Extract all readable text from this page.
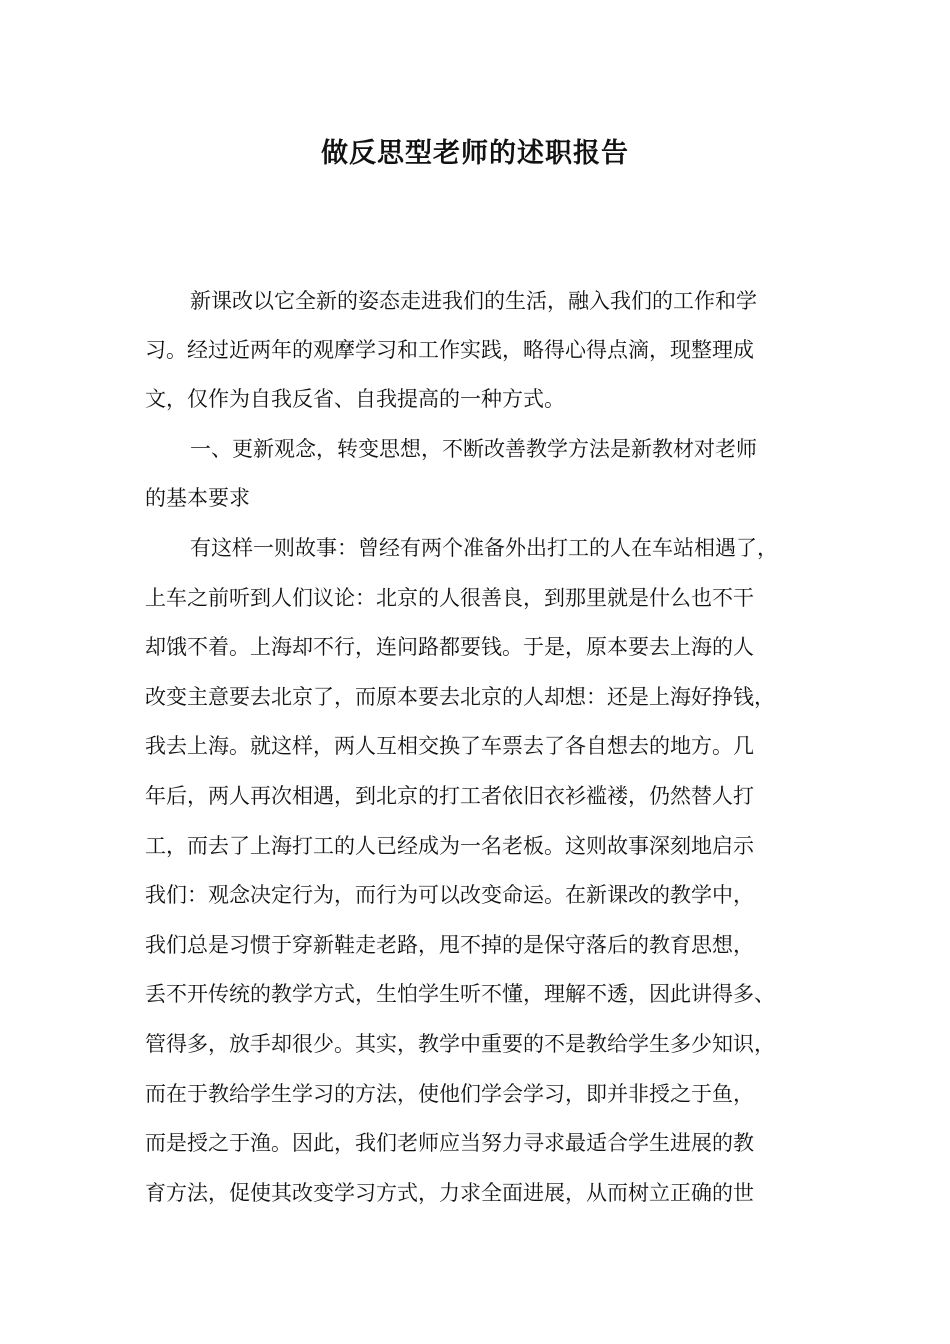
做反思型老师的述职报告

新课改以它全新的姿态走进我们的生活，融入我们的工作和学

习。经过近两年的观摩学习和工作实践，略得心得点滴，现整理成

文，仅作为自我反省、自我提高的一种方式。

一、更新观念，转变思想，不断改善教学方法是新教材对老师

的基本要求

有这样一则故事：曾经有两个准备外出打工的人在车站相遇了，

上车之前听到人们议论：北京的人很善良，到那里就是什么也不干

却饿不着。上海却不行，连问路都要钱。于是，原本要去上海的人

改变主意要去北京了，而原本要去北京的人却想：还是上海好挣钱，

我去上海。就这样，两人互相交换了车票去了各自想去的地方。几

年后，两人再次相遇，到北京的打工者依旧衣衫褴褛，仍然替人打

工，而去了上海打工的人已经成为一名老板。这则故事深刻地启示

我们：观念决定行为，而行为可以改变命运。在新课改的教学中，

我们总是习惯于穿新鞋走老路，甩不掉的是保守落后的教育思想，

丢不开传统的教学方式，生怕学生听不懂，理解不透，因此讲得多、

管得多，放手却很少。其实，教学中重要的不是教给学生多少知识，

而在于教给学生学习的方法，使他们学会学习，即并非授之于鱼，

而是授之于渔。因此，我们老师应当努力寻求最适合学生进展的教

育方法，促使其改变学习方式，力求全面进展，从而树立正确的世
